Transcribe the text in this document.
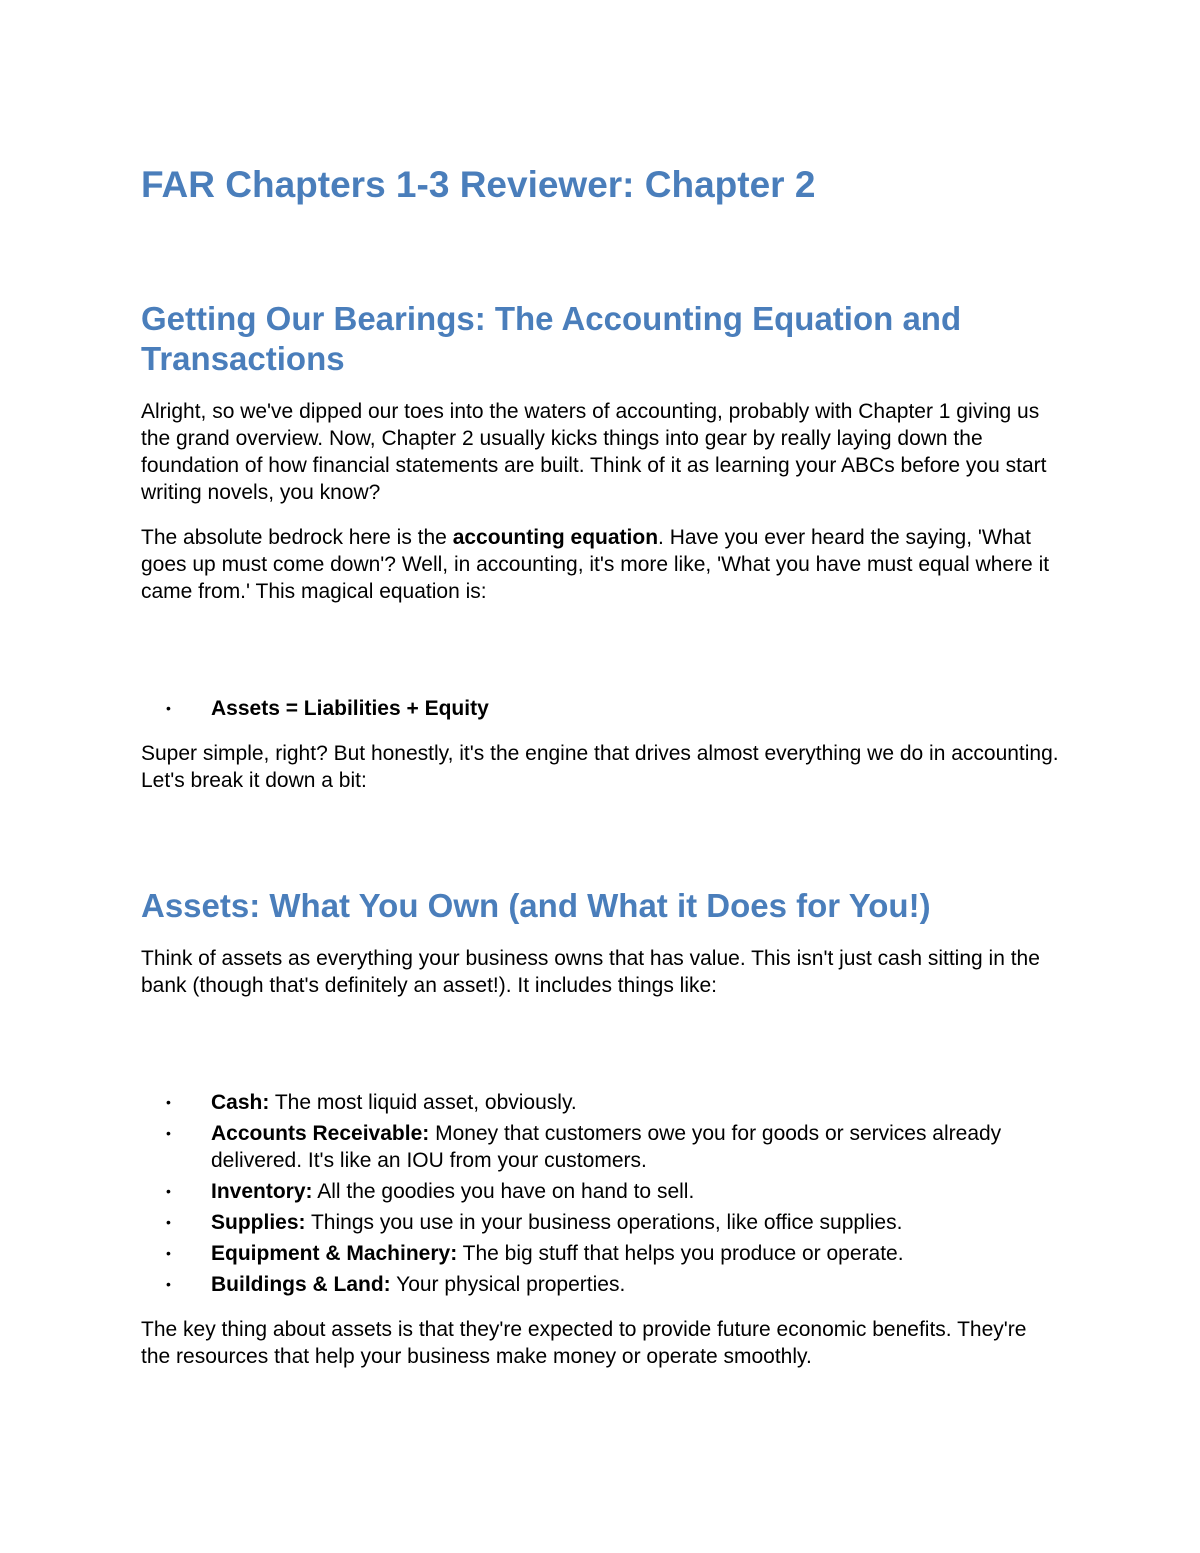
FAR Chapters 1-3 Reviewer: Chapter 2
Getting Our Bearings: The Accounting Equation and Transactions

Alright, so we've dipped our toes into the waters of accounting, probably with Chapter 1 giving us the grand overview. Now, Chapter 2 usually kicks things into gear by really laying down the foundation of how financial statements are built. Think of it as learning your ABCs before you start writing novels, you know?

The absolute bedrock here is the accounting equation. Have you ever heard the saying, 'What goes up must come down'? Well, in accounting, it's more like, 'What you have must equal where it came from.' This magical equation is:

• Assets = Liabilities + Equity

Super simple, right? But honestly, it's the engine that drives almost everything we do in accounting. Let's break it down a bit:

Assets: What You Own (and What it Does for You!)

Think of assets as everything your business owns that has value. This isn't just cash sitting in the bank (though that's definitely an asset!). It includes things like:

• Cash: The most liquid asset, obviously.
• Accounts Receivable: Money that customers owe you for goods or services already delivered. It's like an IOU from your customers.
• Inventory: All the goodies you have on hand to sell.
• Supplies: Things you use in your business operations, like office supplies.
• Equipment & Machinery: The big stuff that helps you produce or operate.
• Buildings & Land: Your physical properties.

The key thing about assets is that they're expected to provide future economic benefits. They're the resources that help your business make money or operate smoothly.
